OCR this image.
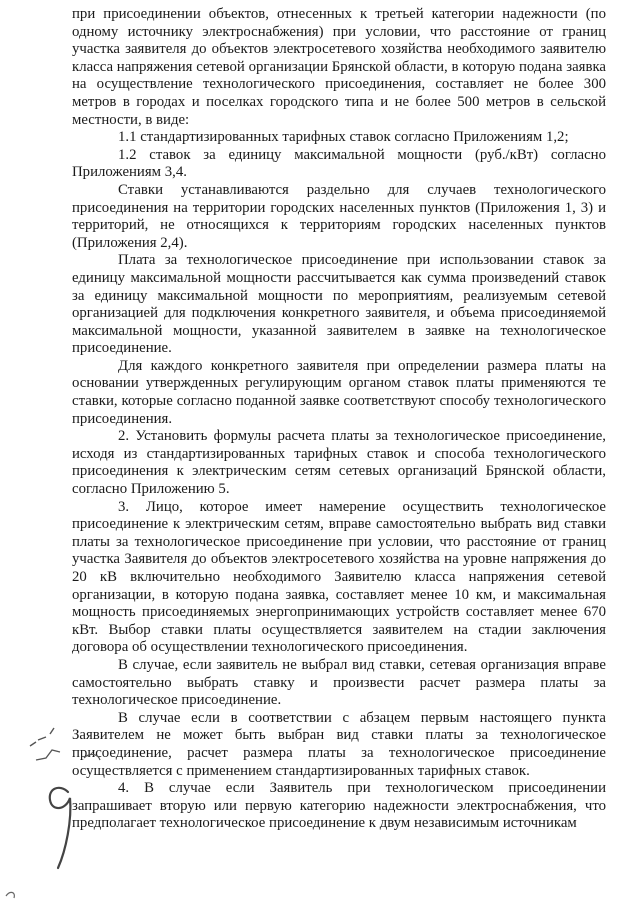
при присоединении объектов, отнесенных к третьей категории надежности (по одному источнику электроснабжения) при условии, что расстояние от границ участка заявителя до объектов электросетевого хозяйства необходимого заявителю класса напряжения сетевой организации Брянской области, в которую подана заявка на осуществление технологического присоединения, составляет не более 300 метров в городах и поселках городского типа и не более 500 метров в сельской местности, в виде:

1.1 стандартизированных тарифных ставок согласно Приложениям 1,2;

1.2 ставок за единицу максимальной мощности (руб./кВт) согласно Приложениям 3,4.

Ставки устанавливаются раздельно для случаев технологического присоединения на территории городских населенных пунктов (Приложения 1, 3) и территорий, не относящихся к территориям городских населенных пунктов (Приложения 2,4).

Плата за технологическое присоединение при использовании ставок за единицу максимальной мощности рассчитывается как сумма произведений ставок за единицу максимальной мощности по мероприятиям, реализуемым сетевой организацией для подключения конкретного заявителя, и объема присоединяемой максимальной мощности, указанной заявителем в заявке на технологическое присоединение.

Для каждого конкретного заявителя при определении размера платы на основании утвержденных регулирующим органом ставок платы применяются те ставки, которые согласно поданной заявке соответствуют способу технологического присоединения.

2. Установить формулы расчета платы за технологическое присоединение, исходя из стандартизированных тарифных ставок и способа технологического присоединения к электрическим сетям сетевых организаций Брянской области, согласно Приложению 5.

3. Лицо, которое имеет намерение осуществить технологическое присоединение к электрическим сетям, вправе самостоятельно выбрать вид ставки платы за технологическое присоединение при условии, что расстояние от границ участка Заявителя до объектов электросетевого хозяйства на уровне напряжения до 20 кВ включительно необходимого Заявителю класса напряжения сетевой организации, в которую подана заявка, составляет менее 10 км, и максимальная мощность присоединяемых энергопринимающих устройств составляет менее 670 кВт. Выбор ставки платы осуществляется заявителем на стадии заключения договора об осуществлении технологического присоединения.

В случае, если заявитель не выбрал вид ставки, сетевая организация вправе самостоятельно выбрать ставку и произвести расчет размера платы за технологическое присоединение.

В случае если в соответствии с абзацем первым настоящего пункта Заявителем не может быть выбран вид ставки платы за технологическое присоединение, расчет размера платы за технологическое присоединение осуществляется с применением стандартизированных тарифных ставок.

4. В случае если Заявитель при технологическом присоединении запрашивает вторую или первую категорию надежности электроснабжения, что предполагает технологическое присоединение к двум независимым источникам
